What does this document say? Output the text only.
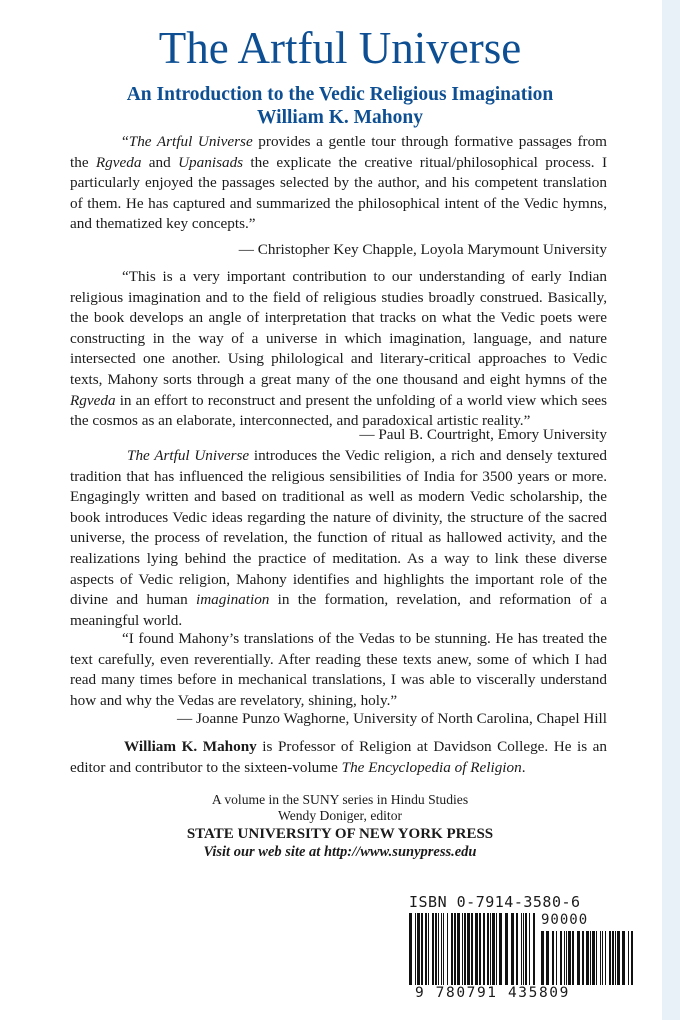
The Artful Universe
An Introduction to the Vedic Religious Imagination
William K. Mahony

“The Artful Universe provides a gentle tour through formative passages from the Rgveda and Upanisads the explicate the creative ritual/philosophical process. I particularly enjoyed the passages selected by the author, and his competent translation of them. He has captured and summarized the philosophical intent of the Vedic hymns, and thematized key concepts.”

— Christopher Key Chapple, Loyola Marymount University

“This is a very important contribution to our understanding of early Indian religious imagination and to the field of religious studies broadly construed. Basically, the book develops an angle of interpretation that tracks on what the Vedic poets were constructing in the way of a universe in which imagination, language, and nature intersected one another. Using philological and literary-critical approaches to Vedic texts, Mahony sorts through a great many of the one thousand and eight hymns of the Rgveda in an effort to reconstruct and present the unfolding of a world view which sees the cosmos as an elaborate, interconnected, and paradoxical artistic reality.”

— Paul B. Courtright, Emory University

The Artful Universe introduces the Vedic religion, a rich and densely textured tradition that has influenced the religious sensibilities of India for 3500 years or more. Engagingly written and based on traditional as well as modern Vedic scholarship, the book introduces Vedic ideas regarding the nature of divinity, the structure of the sacred universe, the process of revelation, the function of ritual as hallowed activity, and the realizations lying behind the practice of meditation. As a way to link these diverse aspects of Vedic religion, Mahony identifies and highlights the important role of the divine and human imagination in the formation, revelation, and reformation of a meaningful world.

“I found Mahony’s translations of the Vedas to be stunning. He has treated the text carefully, even reverentially. After reading these texts anew, some of which I had read many times before in mechanical translations, I was able to viscerally understand how and why the Vedas are revelatory, shining, holy.”

— Joanne Punzo Waghorne, University of North Carolina, Chapel Hill

William K. Mahony is Professor of Religion at Davidson College. He is an editor and contributor to the sixteen-volume The Encyclopedia of Religion.

A volume in the SUNY series in Hindu Studies
Wendy Doniger, editor
STATE UNIVERSITY OF NEW YORK PRESS
Visit our web site at http://www.sunypress.edu
ISBN 0-7914-3580-6
90000
9 780791 435809
